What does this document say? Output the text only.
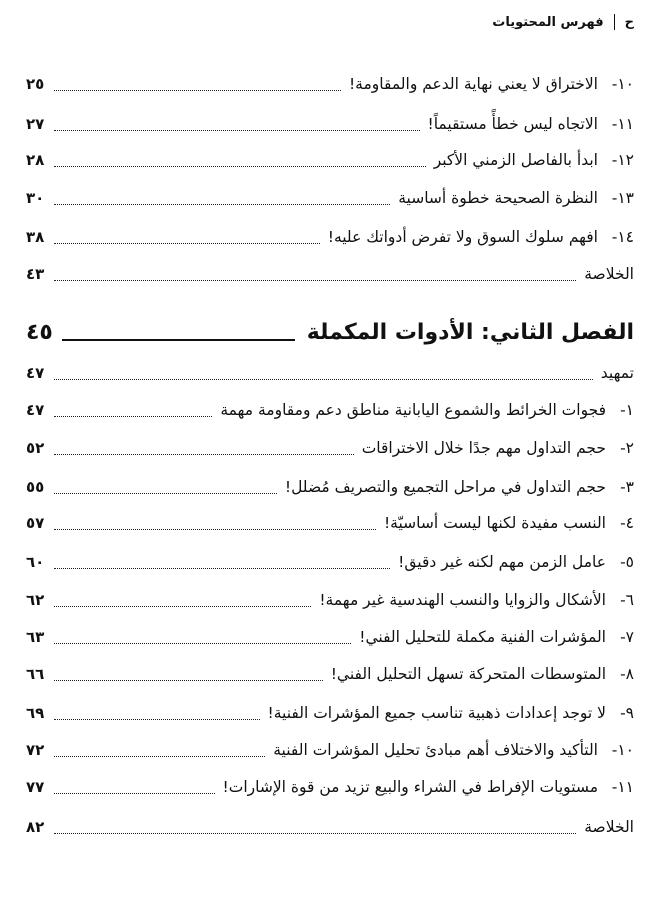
ح
فهرس المحتويات
١٠-
الاختراق لا يعني نهاية الدعم والمقاومة!
٢٥
١١-
الاتجاه ليس خطأً مستقيماً!
٢٧
١٢-
ابدأ بالفاصل الزمني الأكبر
٢٨
١٣-
النظرة الصحيحة خطوة أساسية
٣٠
١٤-
افهم سلوك السوق ولا تفرض أدواتك عليه!
٣٨
الخلاصة
٤٣
الفصل الثاني: الأدوات المكملة
٤٥
تمهيد
٤٧
١-
فجوات الخرائط والشموع اليابانية مناطق دعم ومقاومة مهمة
٤٧
٢-
حجم التداول مهم جدًا خلال الاختراقات
٥٢
٣-
حجم التداول في مراحل التجميع والتصريف مُضلل!
٥٥
٤-
النسب مفيدة لكنها ليست أساسيّة!
٥٧
٥-
عامل الزمن مهم لكنه غير دقيق!
٦٠
٦-
الأشكال والزوايا والنسب الهندسية غير مهمة!
٦٢
٧-
المؤشرات الفنية مكملة للتحليل الفني!
٦٣
٨-
المتوسطات المتحركة تسهل التحليل الفني!
٦٦
٩-
لا توجد إعدادات ذهبية تناسب جميع المؤشرات الفنية!
٦٩
١٠-
التأكيد والاختلاف أهم مبادئ تحليل المؤشرات الفنية
٧٢
١١-
مستويات الإفراط في الشراء والبيع تزيد من قوة الإشارات!
٧٧
الخلاصة
٨٢
